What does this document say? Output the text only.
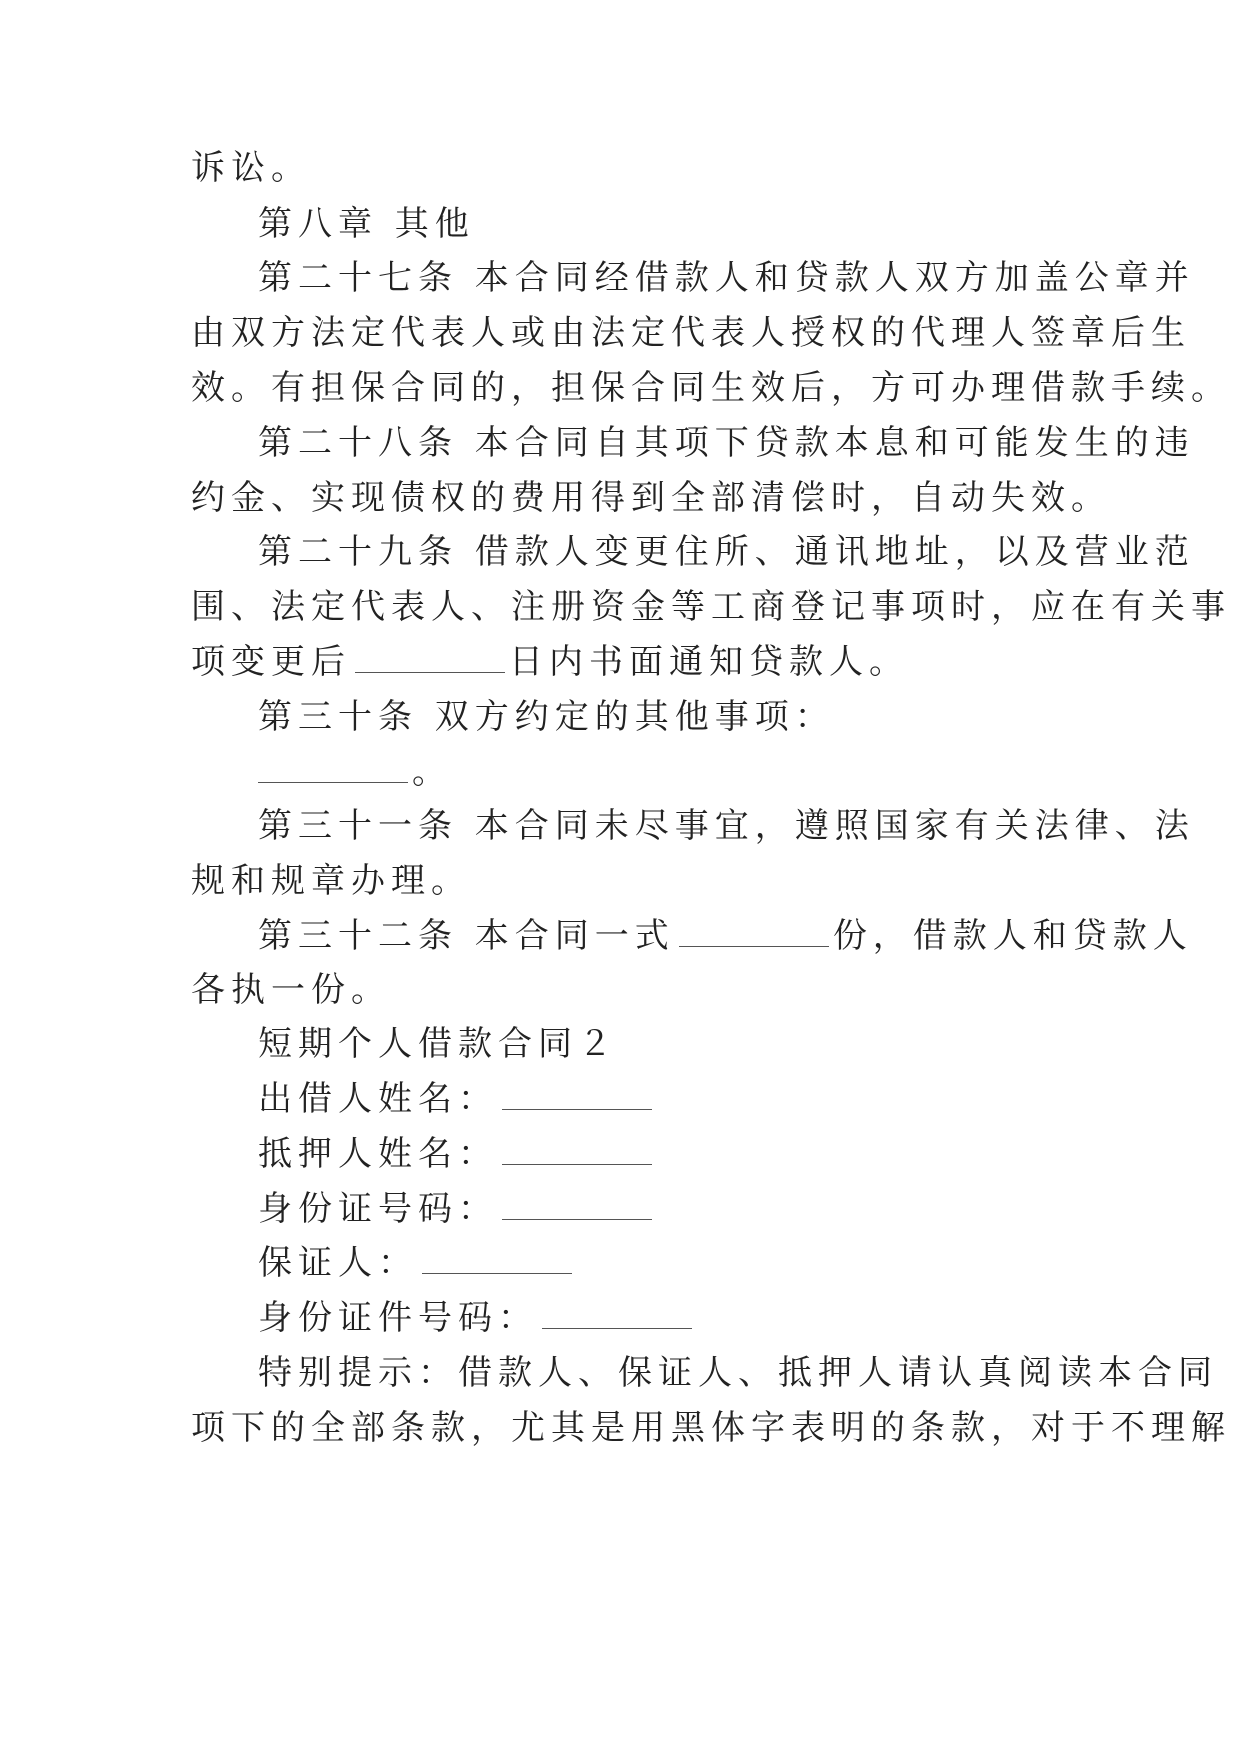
诉讼。
第八章 其他
第二十七条 本合同经借款人和贷款人双方加盖公章并
由双方法定代表人或由法定代表人授权的代理人签章后生
效。有担保合同的，担保合同生效后，方可办理借款手续。
第二十八条 本合同自其项下贷款本息和可能发生的违
约金、实现债权的费用得到全部清偿时，自动失效。
第二十九条 借款人变更住所、通讯地址，以及营业范
围、法定代表人、注册资金等工商登记事项时，应在有关事
项变更后	日内书面通知贷款人。
第三十条 双方约定的其他事项：
。
第三十一条 本合同未尽事宜，遵照国家有关法律、法
规和规章办理。
第三十二条 本合同一式	份，借款人和贷款人
各执一份。
短期个人借款合同２
出借人姓名：
抵押人姓名：
身份证号码：
保证人：
身份证件号码：
特别提示：借款人、保证人、抵押人请认真阅读本合同
项下的全部条款，尤其是用黑体字表明的条款，对于不理解
